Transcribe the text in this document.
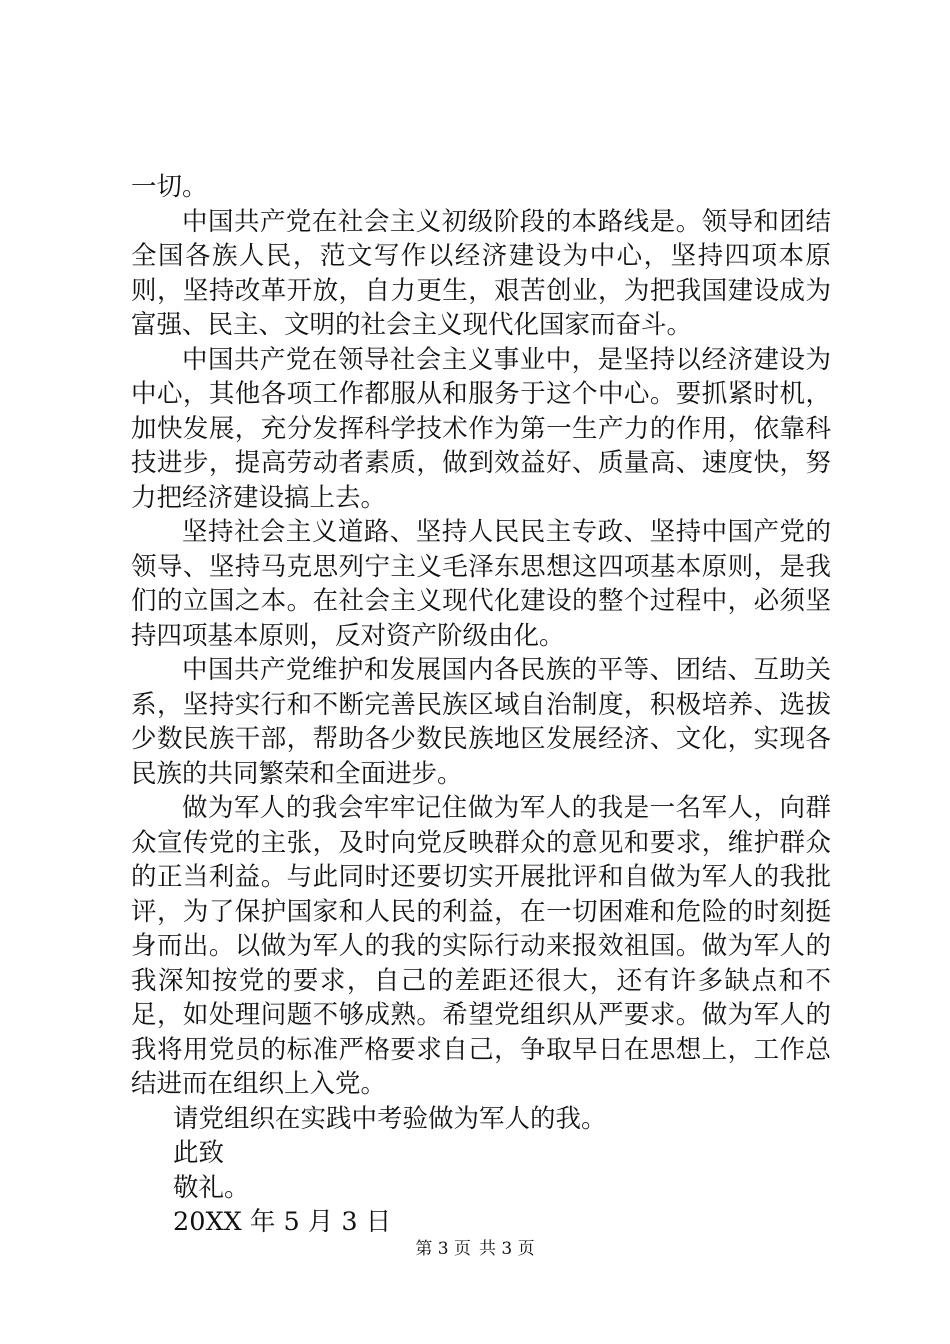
一切。

中国共产党在社会主义初级阶段的本路线是。领导和团结全国各族人民，范文写作以经济建设为中心，坚持四项本原则，坚持改革开放，自力更生，艰苦创业，为把我国建设成为富强、民主、文明的社会主义现代化国家而奋斗。

中国共产党在领导社会主义事业中，是坚持以经济建设为中心，其他各项工作都服从和服务于这个中心。要抓紧时机，加快发展，充分发挥科学技术作为第一生产力的作用，依靠科技进步，提高劳动者素质，做到效益好、质量高、速度快，努力把经济建设搞上去。

坚持社会主义道路、坚持人民民主专政、坚持中国产党的领导、坚持马克思列宁主义毛泽东思想这四项基本原则，是我们的立国之本。在社会主义现代化建设的整个过程中，必须坚持四项基本原则，反对资产阶级由化。

中国共产党维护和发展国内各民族的平等、团结、互助关系，坚持实行和不断完善民族区域自治制度，积极培养、选拔少数民族干部，帮助各少数民族地区发展经济、文化，实现各民族的共同繁荣和全面进步。

做为军人的我会牢牢记住做为军人的我是一名军人，向群众宣传党的主张，及时向党反映群众的意见和要求，维护群众的正当利益。与此同时还要切实开展批评和自做为军人的我批评，为了保护国家和人民的利益，在一切困难和危险的时刻挺身而出。以做为军人的我的实际行动来报效祖国。做为军人的我深知按党的要求，自己的差距还很大，还有许多缺点和不足，如处理问题不够成熟。希望党组织从严要求。做为军人的我将用党员的标准严格要求自己，争取早日在思想上，工作总结进而在组织上入党。

请党组织在实践中考验做为军人的我。

此致

敬礼。

20XX 年 5 月 3 日

第 3 页 共 3 页
